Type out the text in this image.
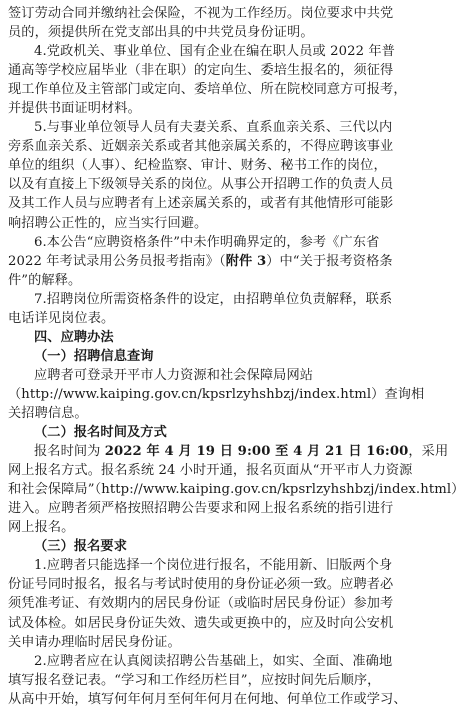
签订劳动合同并缴纳社会保险，不视为工作经历。岗位要求中共党
员的，须提供所在党支部出具的中共党员身份证明。
4.党政机关、事业单位、国有企业在编在职人员或 2022 年普
通高等学校应届毕业（非在职）的定向生、委培生报名的，须征得
现工作单位及主管部门或定向、委培单位、所在院校同意方可报考，
并提供书面证明材料。
5.与事业单位领导人员有夫妻关系、直系血亲关系、三代以内
旁系血亲关系、近姻亲关系或者其他亲属关系的，不得应聘该事业
单位的组织（人事）、纪检监察、审计、财务、秘书工作的岗位，
以及有直接上下级领导关系的岗位。从事公开招聘工作的负责人员
及其工作人员与应聘者有上述亲属关系的，或者有其他情形可能影
响招聘公正性的，应当实行回避。
6.本公告“应聘资格条件”中未作明确界定的，参考《广东省
2022 年考试录用公务员报考指南》（附件 3）中“关于报考资格条
件”的解释。
7.招聘岗位所需资格条件的设定，由招聘单位负责解释，联系
电话详见岗位表。
四、应聘办法
（一）招聘信息查询
应聘者可登录开平市人力资源和社会保障局网站
（http://www.kaiping.gov.cn/kpsrlzyhshbzj/index.html）查询相
关招聘信息。
（二）报名时间及方式
报名时间为 2022 年 4 月 19 日 9:00 至 4 月 21 日 16:00，采用
网上报名方式。报名系统 24 小时开通，报名页面从“开平市人力资源
和社会保障局”（http://www.kaiping.gov.cn/kpsrlzyhshbzj/index.html）
进入。应聘者须严格按照招聘公告要求和网上报名系统的指引进行
网上报名。
（三）报名要求
1.应聘者只能选择一个岗位进行报名，不能用新、旧版两个身
份证号同时报名，报名与考试时使用的身份证必须一致。应聘者必
须凭准考证、有效期内的居民身份证（或临时居民身份证）参加考
试及体检。如居民身份证失效、遗失或更换中的，应及时向公安机
关申请办理临时居民身份证。
2.应聘者应在认真阅读招聘公告基础上，如实、全面、准确地
填写报名登记表。“学习和工作经历栏目”，应按时间先后顺序，
从高中开始，填写何年何月至何年何月在何地、何单位工作或学习、
